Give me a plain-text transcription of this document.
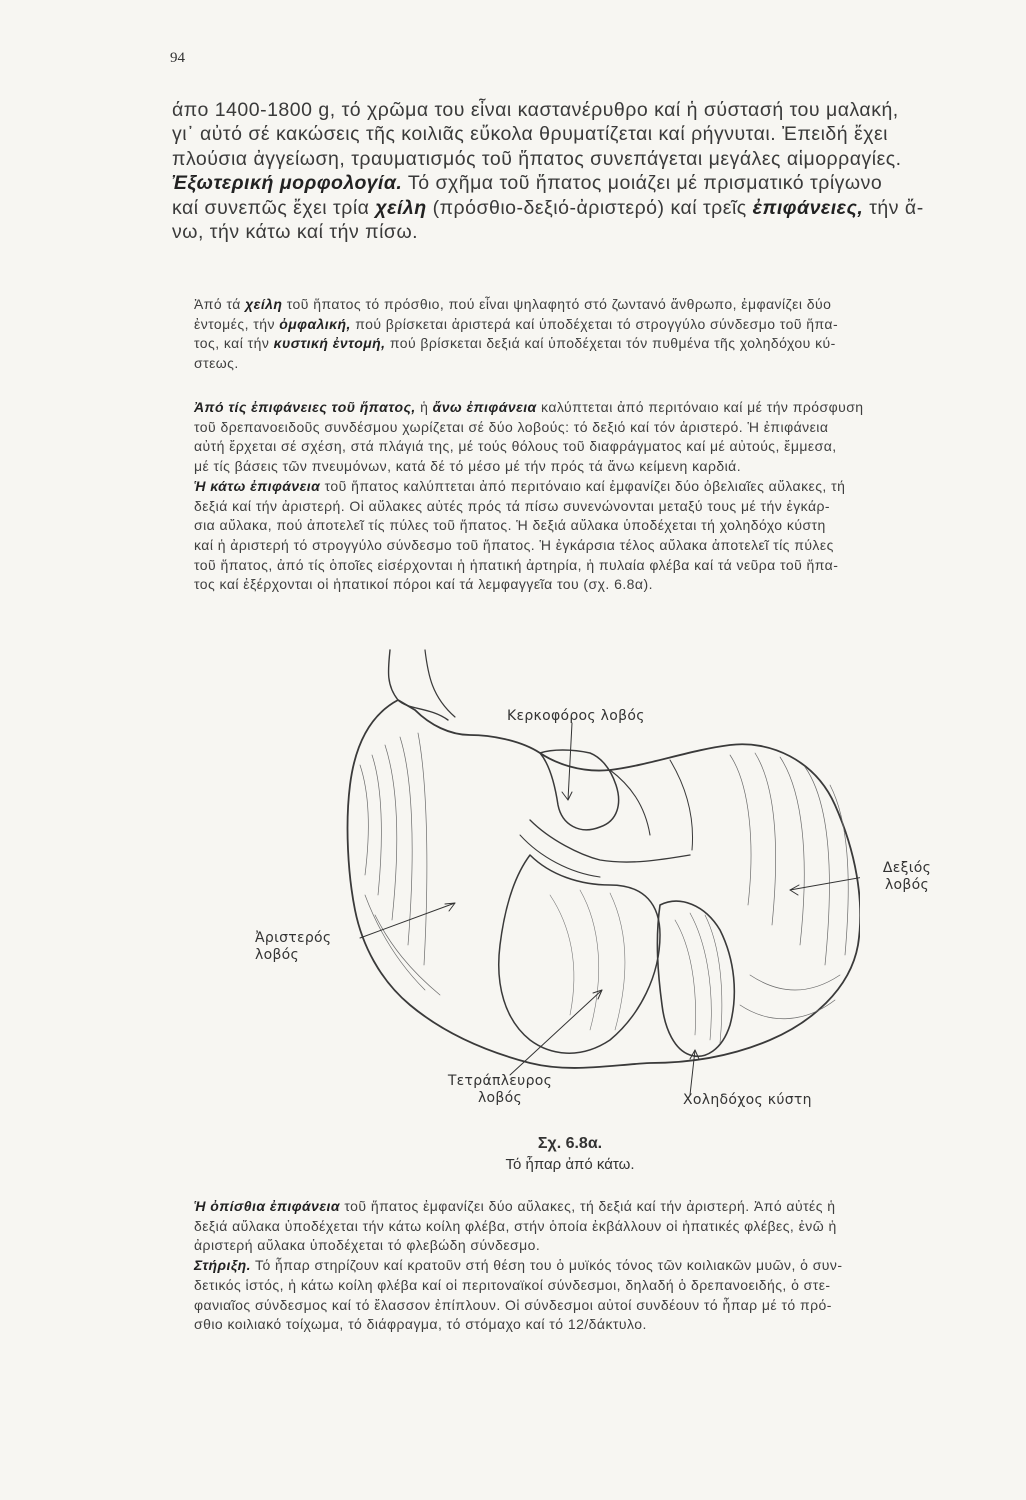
94

άπο 1400-1800 g, τό χρῶμα του εἶναι καστανέρυθρο καί ἡ σύστασή του μαλακή,

γι᾽ αὐτό σέ κακώσεις τῆς κοιλιᾶς εὔκολα θρυματίζεται καί ρήγνυται. Ἐπειδή ἔχει

πλούσια ἀγγείωση, τραυματισμός τοῦ ἥπατος συνεπάγεται μεγάλες αἱμορραγίες.

Ἐξωτερική μορφολογία. Τό σχῆμα τοῦ ἥπατος μοιάζει μέ πρισματικό τρίγωνο

καί συνεπῶς ἔχει τρία χείλη (πρόσθιο-δεξιό-ἀριστερό) καί τρεῖς ἐπιφάνειες, τήν ἄ-

νω, τήν κάτω καί τήν πίσω.

Ἀπό τά χείλη τοῦ ἥπατος τό πρόσθιο, πού εἶναι ψηλαφητό στό ζωντανό ἄνθρωπο, ἐμφανίζει δύο

ἐντομές, τήν ὀμφαλική, πού βρίσκεται ἀριστερά καί ὑποδέχεται τό στρογγύλο σύνδεσμο τοῦ ἥπα-

τος, καί τήν κυστική ἐντομή, πού βρίσκεται δεξιά καί ὑποδέχεται τόν πυθμένα τῆς χοληδόχου κύ-

στεως.

Ἀπό τίς ἐπιφάνειες τοῦ ἥπατος, ἡ ἄνω ἐπιφάνεια καλύπτεται ἀπό περιτόναιο καί μέ τήν πρόσφυση

τοῦ δρεπανοειδοῦς συνδέσμου χωρίζεται σέ δύο λοβούς: τό δεξιό καί τόν ἀριστερό. Ἡ ἐπιφάνεια

αὐτή ἔρχεται σέ σχέση, στά πλάγιά της, μέ τούς θόλους τοῦ διαφράγματος καί μέ αὐτούς, ἔμμεσα,

μέ τίς βάσεις τῶν πνευμόνων, κατά δέ τό μέσο μέ τήν πρός τά ἄνω κείμενη καρδιά.

Ἡ κάτω ἐπιφάνεια τοῦ ἥπατος καλύπτεται ἀπό περιτόναιο καί ἐμφανίζει δύο ὀβελιαῖες αὔλακες, τή

δεξιά καί τήν ἀριστερή. Οἱ αὔλακες αὐτές πρός τά πίσω συνενώνονται μεταξύ τους μέ τήν ἐγκάρ-

σια αὔλακα, πού ἀποτελεῖ τίς πύλες τοῦ ἥπατος. Ἡ δεξιά αὔλακα ὑποδέχεται τή χοληδόχο κύστη

καί ἡ ἀριστερή τό στρογγύλο σύνδεσμο τοῦ ἥπατος. Ἡ ἐγκάρσια τέλος αὔλακα ἀποτελεῖ τίς πύλες

τοῦ ἥπατος, ἀπό τίς ὁποῖες εἰσέρχονται ἡ ἡπατική ἀρτηρία, ἡ πυλαία φλέβα καί τά νεῦρα τοῦ ἥπα-

τος καί ἐξέρχονται οἱ ἡπατικοί πόροι καί τά λεμφαγγεῖα του (σχ. 6.8α).

Κερκοφόρος λοβός
Δεξιός
λοβός
Ἀριστερός
λοβός
Τετράπλευρος
λοβός	Χοληδόχος κύστη
Σχ. 6.8α.
Τό ἧπαρ ἀπό κάτω.

Ἡ ὀπίσθια ἐπιφάνεια τοῦ ἥπατος ἐμφανίζει δύο αὔλακες, τή δεξιά καί τήν ἀριστερή. Ἀπό αὐτές ἡ

δεξιά αὔλακα ὑποδέχεται τήν κάτω κοίλη φλέβα, στήν ὁποία ἐκβάλλουν οἱ ἡπατικές φλέβες, ἐνῶ ἡ

ἀριστερή αὔλακα ὑποδέχεται τό φλεβώδη σύνδεσμο.

Στήριξη. Τό ἧπαρ στηρίζουν καί κρατοῦν στή θέση του ὁ μυϊκός τόνος τῶν κοιλιακῶν μυῶν, ὁ συν-

δετικός ἱστός, ἡ κάτω κοίλη φλέβα καί οἱ περιτοναϊκοί σύνδεσμοι, δηλαδή ὁ δρεπανοειδής, ὁ στε-

φανιαῖος σύνδεσμος καί τό ἔλασσον ἐπίπλουν. Οἱ σύνδεσμοι αὐτοί συνδέουν τό ἧπαρ μέ τό πρό-

σθιο κοιλιακό τοίχωμα, τό διάφραγμα, τό στόμαχο καί τό 12/δάκτυλο.
